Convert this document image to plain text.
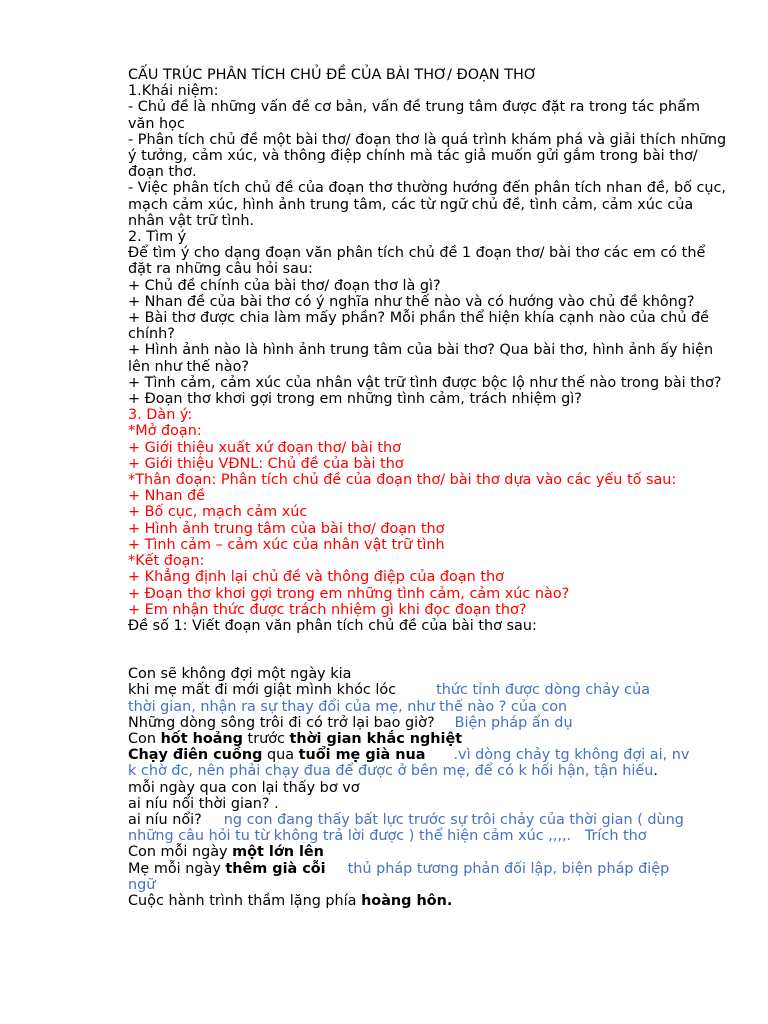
CẤU TRÚC PHÂN TÍCH CHỦ ĐỀ CỦA BÀI THƠ/ ĐOẠN THƠ
1.Khái niệm:
- Chủ đề là những vấn đề cơ bản, vấn đề trung tâm được đặt ra trong tác phẩm văn học
- Phân tích chủ đề một bài thơ/ đoạn thơ là quá trình khám phá và giải thích những ý tưởng, cảm xúc, và thông điệp chính mà tác giả muốn gửi gắm trong bài thơ/ đoạn thơ.
- Việc phân tích chủ đề của đoạn thơ thường hướng đến phân tích nhan đề, bố cục, mạch cảm xúc, hình ảnh trung tâm, các từ ngữ chủ đề, tình cảm, cảm xúc của nhân vật trữ tình.
2. Tìm ý
Để tìm ý cho dạng đoạn văn phân tích chủ đề 1 đoạn thơ/ bài thơ các em có thể đặt ra những câu hỏi sau:
+ Chủ đề chính của bài thơ/ đoạn thơ là gì?
+ Nhan đề của bài thơ có ý nghĩa như thế nào và có hướng vào chủ đề không?
+ Bài thơ được chia làm mấy phần? Mỗi phần thể hiện khía cạnh nào của chủ đề chính?
+ Hình ảnh nào là hình ảnh trung tâm của bài thơ? Qua bài thơ, hình ảnh ấy hiện lên như thế nào?
+ Tình cảm, cảm xúc của nhân vật trữ tình được bộc lộ như thế nào trong bài thơ?
+ Đoạn thơ khơi gợi trong em những tình cảm, trách nhiệm gì?
3. Dàn ý:
*Mở đoạn:
+ Giới thiệu xuất xứ đoạn thơ/ bài thơ
+ Giới thiệu VĐNL: Chủ đề của bài thơ
*Thân đoạn: Phân tích chủ đề của đoạn thơ/ bài thơ dựa vào các yếu tố sau:
+ Nhan đề
+ Bố cục, mạch cảm xúc
+ Hình ảnh trung tâm của bài thơ/ đoạn thơ
+ Tình cảm – cảm xúc của nhân vật trữ tình
*Kết đoạn:
+ Khẳng định lại chủ đề và thông điệp của đoạn thơ
+ Đoạn thơ khơi gợi trong em những tình cảm, cảm xúc nào?
+ Em nhận thức được trách nhiệm gì khi đọc đoạn thơ?
Đề số 1: Viết đoạn văn phân tích chủ đề của bài thơ sau:
Con sẽ không đợi một ngày kia
khi mẹ mất đi mới giật mình khóc lóc	thức tỉnh được dòng chảy của
thời gian, nhận ra sự thay đổi của mẹ, như thế nào ? của con
Những dòng sông trôi đi có trở lại bao giờ? Biện pháp ẩn dụ
Con hốt hoảng trước thời gian khắc nghiệt
Chạy điên cuồng qua tuổi mẹ già nua .vì dòng chảy tg không đợi ai, nv
k chờ đc, nên phải chạy đua để được ở bên mẹ, để có k hối hận, tận hiếu.
mỗi ngày qua con lại thấy bơ vơ
ai níu nổi thời gian? .
ai níu nổi? ng con đang thấy bất lực trước sự trôi chảy của thời gian ( dùng
những câu hỏi tu từ không trả lời được ) thể hiện cảm xúc ,,,,.   Trích thơ
Con mỗi ngày một lớn lên
Mẹ mỗi ngày thêm già cỗi thủ pháp tương phản đối lập, biện pháp điệp
ngữ
Cuộc hành trình thầm lặng phía hoàng hôn.
